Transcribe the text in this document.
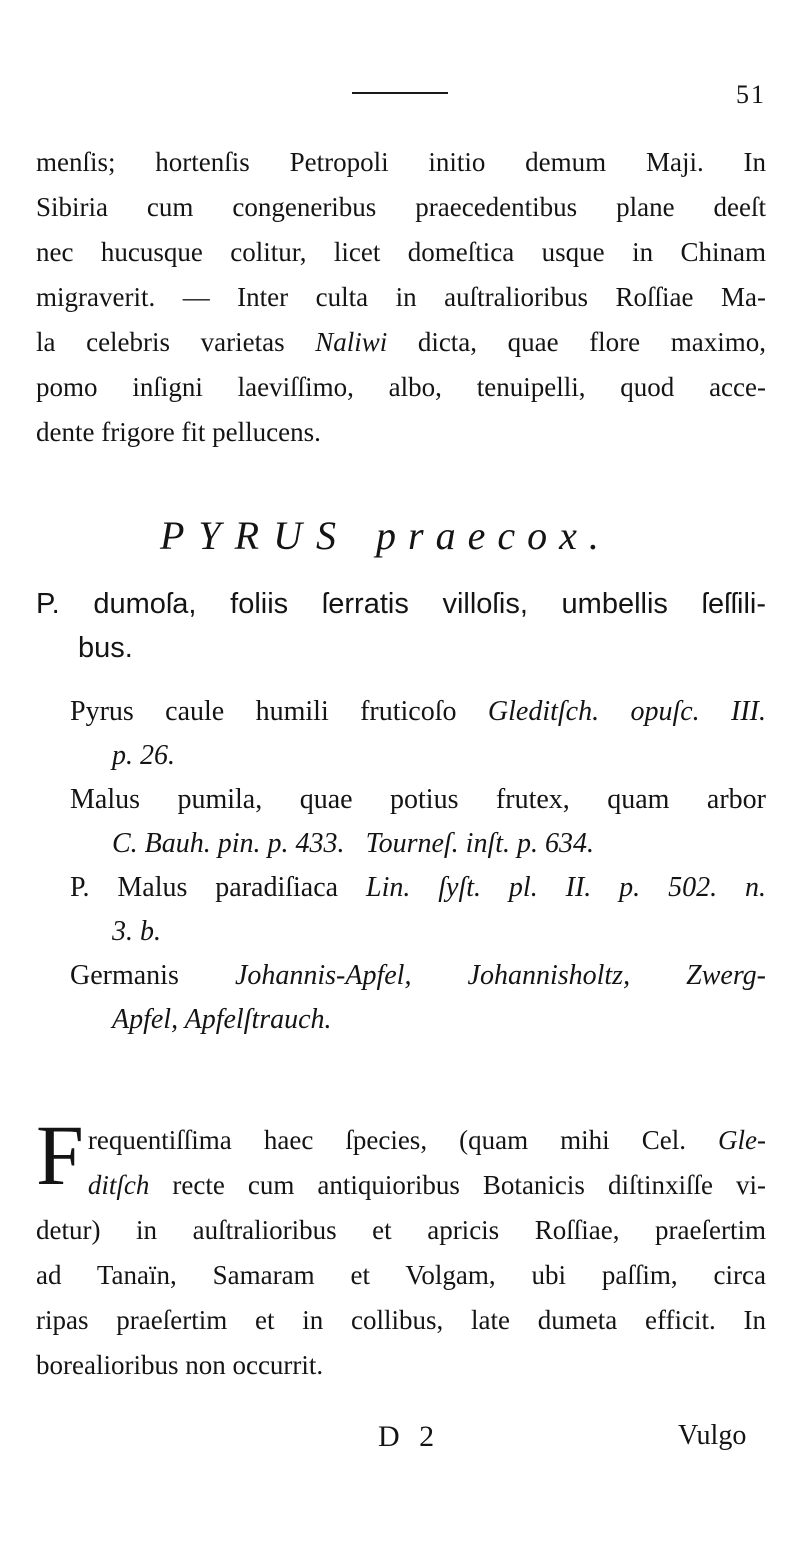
51
menſis; hortenſis Petropoli initio demum Maji. In
Sibiria cum congeneribus praecedentibus plane deeſt
nec hucusque colitur, licet domeſtica usque in Chinam
migraverit. — Inter culta in auſtralioribus Roſſiae Ma-
la celebris varietas Naliwi dicta, quae flore maximo,
pomo inſigni laeviſſimo, albo, tenuipelli, quod acce-
dente frigore fit pellucens.
PYRUS praecox.
P. dumoſa, foliis ſerratis villoſis, umbellis ſeſſili-
bus.
Pyrus caule humili fruticoſo Gleditſch. opuſc. III.
p. 26.
Malus pumila, quae potius frutex, quam arbor
C. Bauh. pin. p. 433. Tourneſ. inſt. p. 634.
P. Malus paradiſiaca Lin. ſyſt. pl. II. p. 502. n.
3. b.
Germanis Johannis-Apfel, Johannisholtz, Zwerg-
Apfel, Apfelſtrauch.
F requentiſſima haec ſpecies, (quam mihi Cel. Gle-
ditſch recte cum antiquioribus Botanicis diſtinxiſſe vi-
detur) in auſtralioribus et apricis Roſſiae, praeſertim
ad Tanaïn, Samaram et Volgam, ubi paſſim, circa
ripas praeſertim et in collibus, late dumeta efficit. In
borealioribus non occurrit.
D 2	Vulgo
